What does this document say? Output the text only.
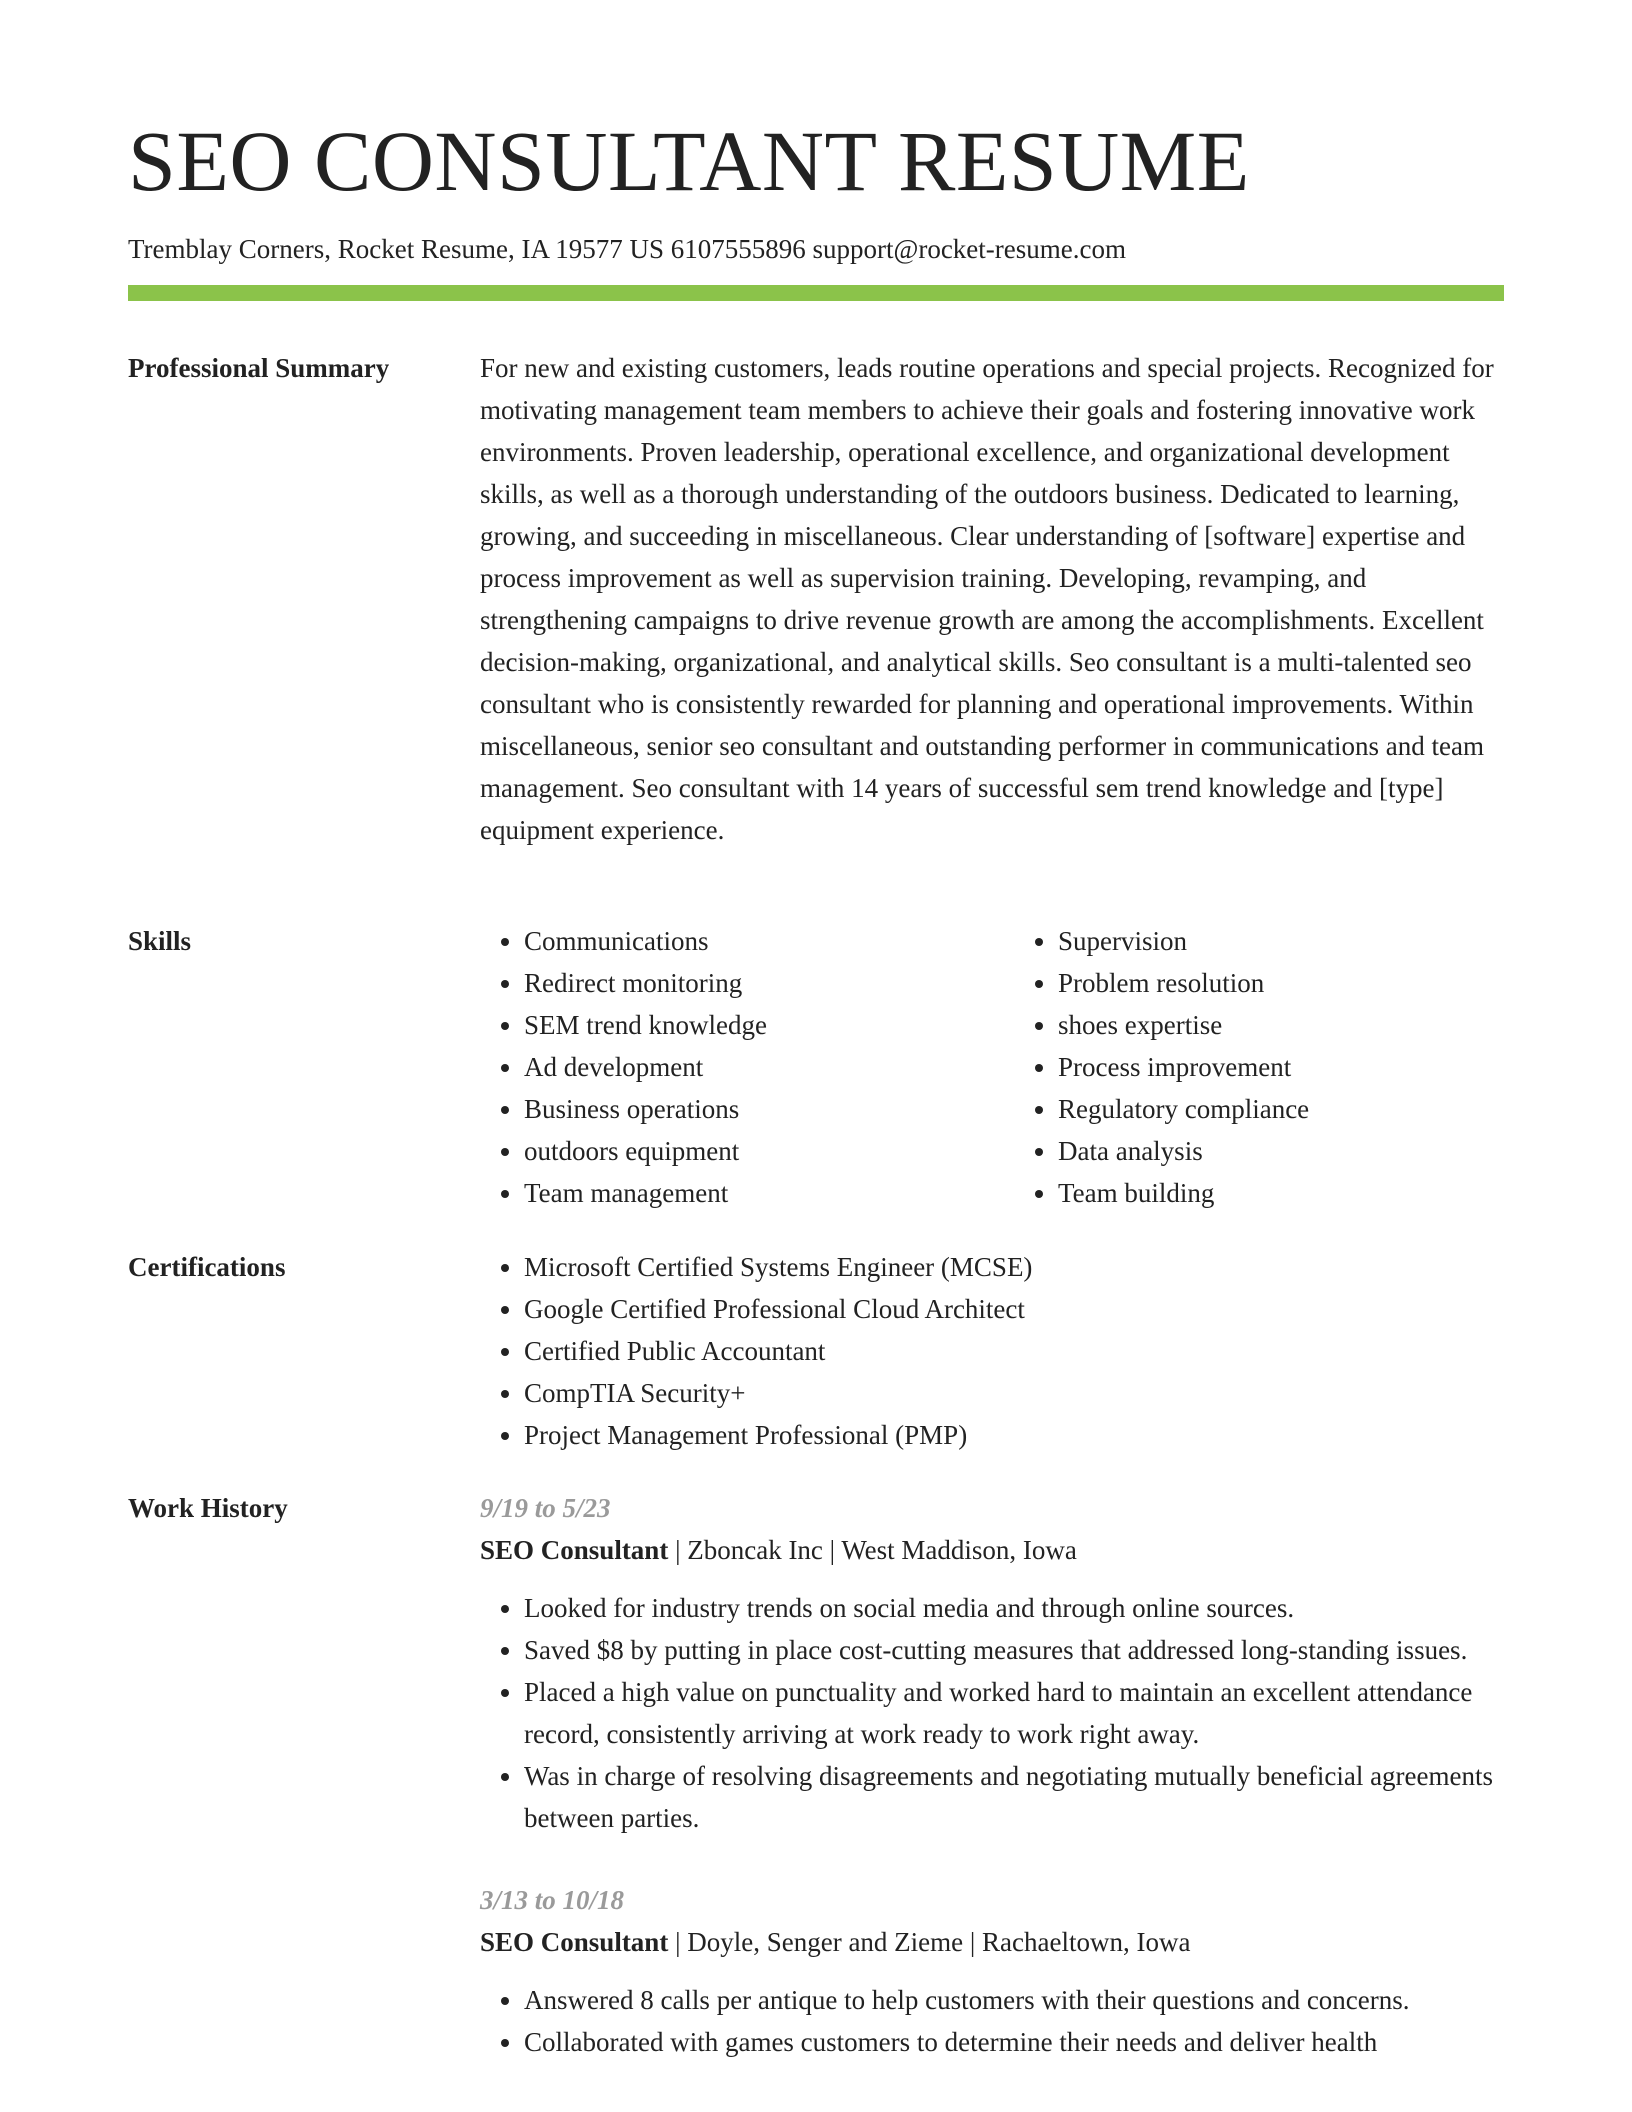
SEO CONSULTANT RESUME
Tremblay Corners, Rocket Resume, IA 19577 US 6107555896 support@rocket-resume.com
Professional Summary	For new and existing customers, leads routine operations and special projects. Recognized for motivating management team members to achieve their goals and fostering innovative work environments. Proven leadership, operational excellence, and organizational development skills, as well as a thorough understanding of the outdoors business. Dedicated to learning, growing, and succeeding in miscellaneous. Clear understanding of [software] expertise and process improvement as well as supervision training. Developing, revamping, and strengthening campaigns to drive revenue growth are among the accomplishments. Excellent decision-making, organizational, and analytical skills. Seo consultant is a multi-talented seo consultant who is consistently rewarded for planning and operational improvements. Within miscellaneous, senior seo consultant and outstanding performer in communications and team management. Seo consultant with 14 years of successful sem trend knowledge and [type] equipment experience.

Skills	• Communications
• Redirect monitoring
• SEM trend knowledge
• Ad development
• Business operations
• outdoors equipment
• Team management
• Supervision
• Problem resolution
• shoes expertise
• Process improvement
• Regulatory compliance
• Data analysis
• Team building
Certifications	• Microsoft Certified Systems Engineer (MCSE)
• Google Certified Professional Cloud Architect
• Certified Public Accountant
• CompTIA Security+
• Project Management Professional (PMP)
Work History	9/19 to 5/23
SEO Consultant | Zboncak Inc | West Maddison, Iowa
• Looked for industry trends on social media and through online sources.
• Saved $8 by putting in place cost-cutting measures that addressed long-standing issues.
• Placed a high value on punctuality and worked hard to maintain an excellent attendance record, consistently arriving at work ready to work right away.
• Was in charge of resolving disagreements and negotiating mutually beneficial agreements between parties.
3/13 to 10/18
SEO Consultant | Doyle, Senger and Zieme | Rachaeltown, Iowa
• Answered 8 calls per antique to help customers with their questions and concerns.
• Collaborated with games customers to determine their needs and deliver health
